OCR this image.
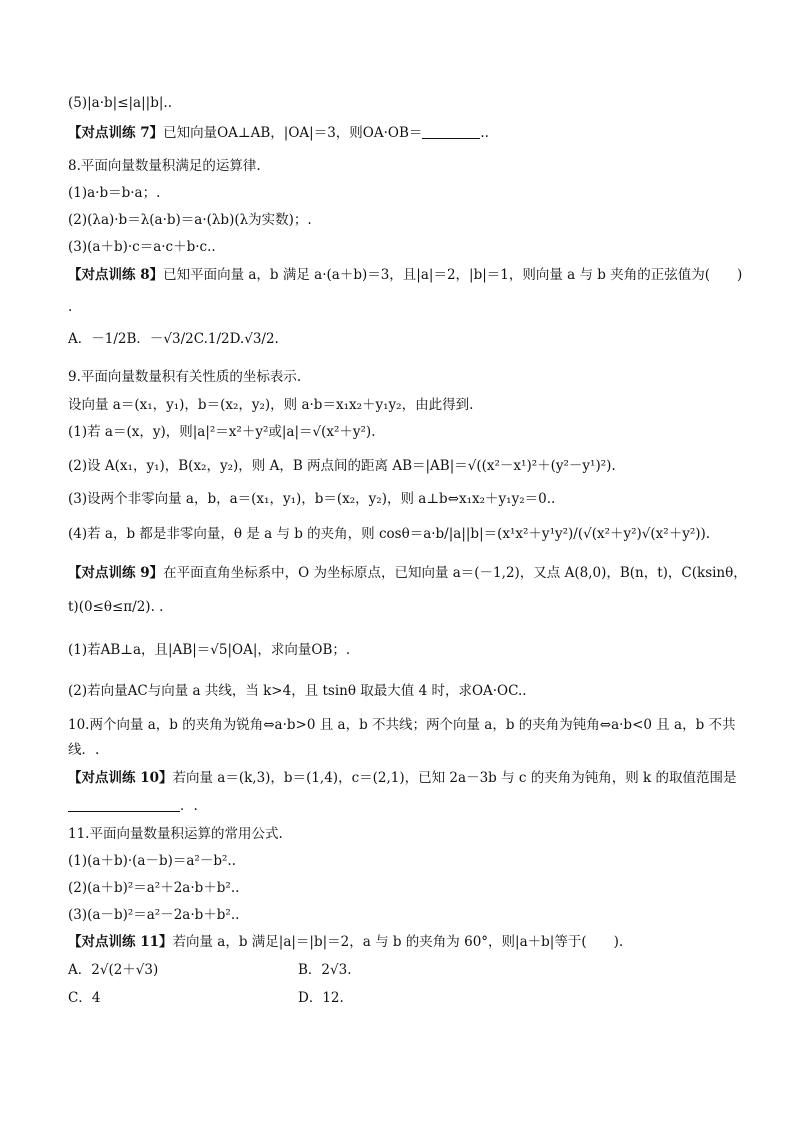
(5)|a·b|≤|a||b|..
【对点训练 7】已知向量OA⊥AB，|OA|＝3，则OA·OB＝	..
8.平面向量数量积满足的运算律.
(1)a·b＝b·a；.
(2)(λa)·b＝λ(a·b)＝a·(λb)(λ为实数)；.
(3)(a＋b)·c＝a·c＋b·c..
【对点训练 8】已知平面向量 a，b 满足 a·(a＋b)＝3，且|a|＝2，|b|＝1，则向量 a 与 b 夹角的正弦值为(　　)
.
A．－1/2B．－√3/2C.1/2D.√3/2.
9.平面向量数量积有关性质的坐标表示.
设向量 a＝(x₁，y₁)，b＝(x₂，y₂)，则 a·b＝x₁x₂＋y₁y₂，由此得到.
(1)若 a＝(x，y)，则|a|²＝x²＋y²或|a|＝√(x²＋y²).
(2)设 A(x₁，y₁)，B(x₂，y₂)，则 A，B 两点间的距离 AB＝|AB|＝√((x²－x¹)²＋(y²－y¹)²).
(3)设两个非零向量 a，b，a＝(x₁，y₁)，b＝(x₂，y₂)，则 a⊥b⇔x₁x₂＋y₁y₂＝0..
(4)若 a，b 都是非零向量，θ 是 a 与 b 的夹角，则 cosθ＝a·b/|a||b|＝(x¹x²＋y¹y²)/(√(x²＋y²)√(x²＋y²)).
【对点训练 9】在平面直角坐标系中，O 为坐标原点，已知向量 a＝(－1,2)，又点 A(8,0)，B(n，t)，C(ksinθ，
t)(0≤θ≤π/2). .
(1)若AB⊥a，且|AB|＝√5|OA|，求向量OB；.
(2)若向量AC与向量 a 共线，当 k>4，且 tsinθ 取最大值 4 时，求OA·OC..
10.两个向量 a，b 的夹角为锐角⇔a·b>0 且 a，b 不共线；两个向量 a，b 的夹角为钝角⇔a·b<0 且 a，b 不共
线．.
【对点训练 10】若向量 a＝(k,3)，b＝(1,4)，c＝(2,1)，已知 2a－3b 与 c 的夹角为钝角，则 k 的取值范围是
．.
11.平面向量数量积运算的常用公式.
(1)(a＋b)·(a－b)＝a²－b²..
(2)(a＋b)²＝a²＋2a·b＋b²..
(3)(a－b)²＝a²－2a·b＋b²..
【对点训练 11】若向量 a，b 满足|a|＝|b|＝2，a 与 b 的夹角为 60°，则|a＋b|等于(　　).
A．2√(2＋√3)	B．2√3.
C．4	D．12.
